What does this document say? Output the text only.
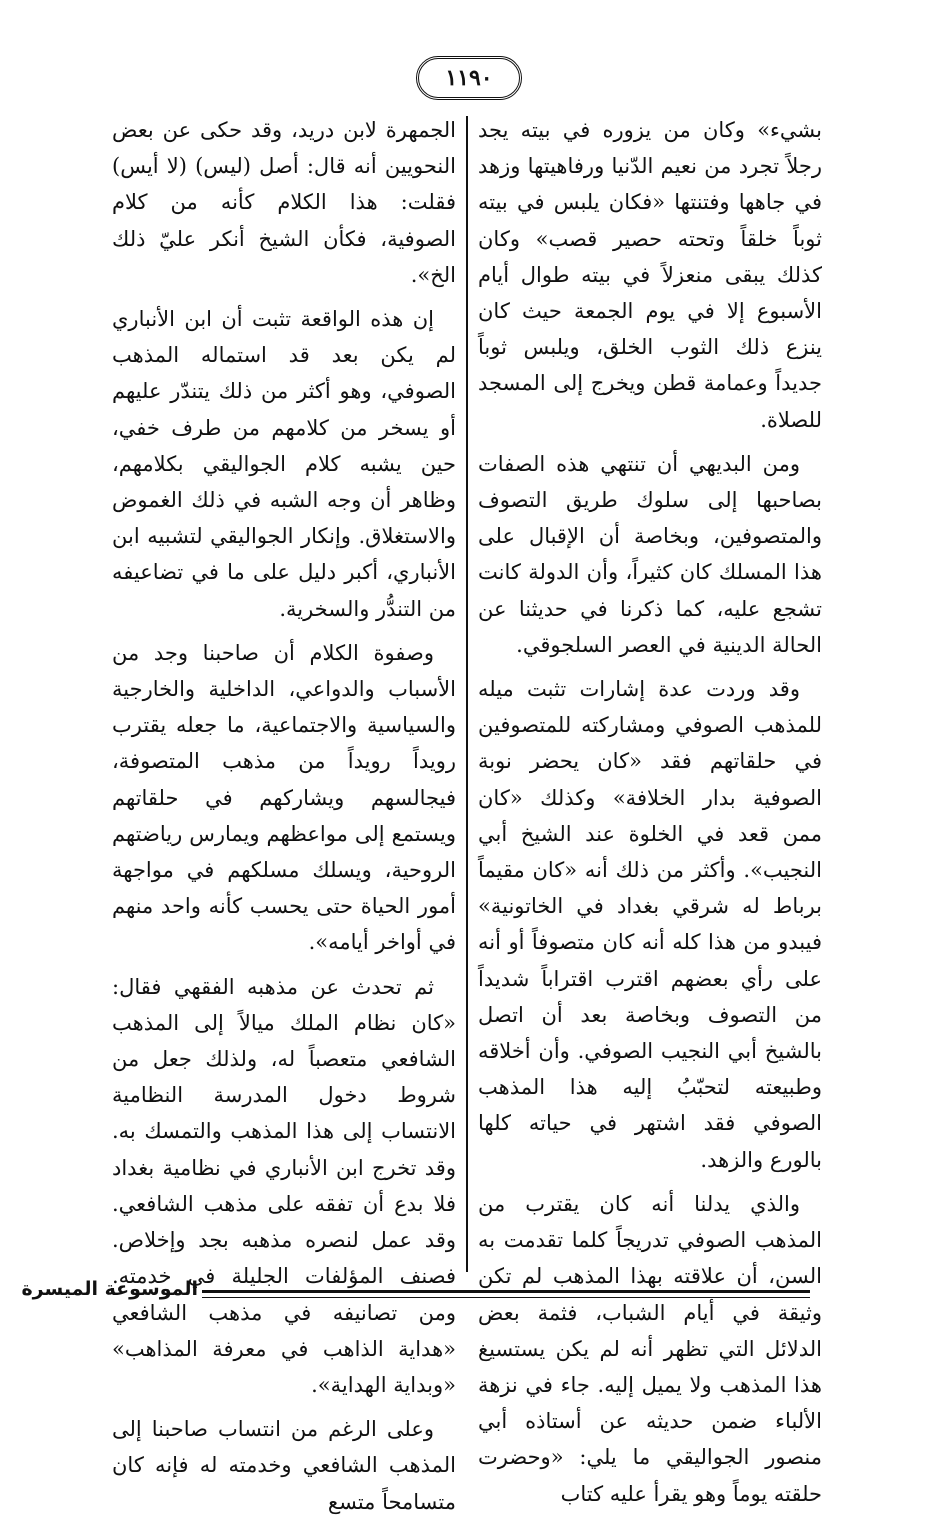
١١٩٠

بشيء» وكان من يزوره في بيته يجد رجلاً تجرد من نعيم الدّنيا ورفاهيتها وزهد في جاهها وفتنتها «فكان يلبس في بيته ثوباً خلقاً وتحته حصير قصب» وكان كذلك يبقى منعزلاً في بيته طوال أيام الأسبوع إلا في يوم الجمعة حيث كان ينزع ذلك الثوب الخلق، ويلبس ثوباً جديداً وعمامة قطن ويخرج إلى المسجد للصلاة.

ومن البديهي أن تنتهي هذه الصفات بصاحبها إلى سلوك طريق التصوف والمتصوفين، وبخاصة أن الإقبال على هذا المسلك كان كثيراً، وأن الدولة كانت تشجع عليه، كما ذكرنا في حديثنا عن الحالة الدينية في العصر السلجوقي.

وقد وردت عدة إشارات تثبت ميله للمذهب الصوفي ومشاركته للمتصوفين في حلقاتهم فقد «كان يحضر نوبة الصوفية بدار الخلافة» وكذلك «كان ممن قعد في الخلوة عند الشيخ أبي النجيب». وأكثر من ذلك أنه «كان مقيماً برباط له شرقي بغداد في الخاتونية» فيبدو من هذا كله أنه كان متصوفاً أو أنه على رأي بعضهم اقترب اقتراباً شديداً من التصوف وبخاصة بعد أن اتصل بالشيخ أبي النجيب الصوفي. وأن أخلاقه وطبيعته لتحبّبُ إليه هذا المذهب الصوفي فقد اشتهر في حياته كلها بالورع والزهد.

والذي يدلنا أنه كان يقترب من المذهب الصوفي تدريجاً كلما تقدمت به السن، أن علاقته بهذا المذهب لم تكن وثيقة في أيام الشباب، فثمة بعض الدلائل التي تظهر أنه لم يكن يستسيغ هذا المذهب ولا يميل إليه. جاء في نزهة الألباء ضمن حديثه عن أستاذه أبي منصور الجواليقي ما يلي: «وحضرت حلقته يوماً وهو يقرأ عليه كتاب

الجمهرة لابن دريد، وقد حكى عن بعض النحويين أنه قال: أصل (ليس) (لا أيس) فقلت: هذا الكلام كأنه من كلام الصوفية، فكأن الشيخ أنكر عليّ ذلك الخ».

إن هذه الواقعة تثبت أن ابن الأنباري لم يكن بعد قد استماله المذهب الصوفي، وهو أكثر من ذلك يتندّر عليهم أو يسخر من كلامهم من طرف خفي، حين يشبه كلام الجواليقي بكلامهم، وظاهر أن وجه الشبه في ذلك الغموض والاستغلاق. وإنكار الجواليقي لتشبيه ابن الأنباري، أكبر دليل على ما في تضاعيفه من التندُّر والسخرية.

وصفوة الكلام أن صاحبنا وجد من الأسباب والدواعي، الداخلية والخارجية والسياسية والاجتماعية، ما جعله يقترب رويداً رويداً من مذهب المتصوفة، فيجالسهم ويشاركهم في حلقاتهم ويستمع إلى مواعظهم ويمارس رياضتهم الروحية، ويسلك مسلكهم في مواجهة أمور الحياة حتى يحسب كأنه واحد منهم في أواخر أيامه».

ثم تحدث عن مذهبه الفقهي فقال: «كان نظام الملك ميالاً إلى المذهب الشافعي متعصباً له، ولذلك جعل من شروط دخول المدرسة النظامية الانتساب إلى هذا المذهب والتمسك به. وقد تخرج ابن الأنباري في نظامية بغداد فلا بدع أن تفقه على مذهب الشافعي. وقد عمل لنصره مذهبه بجد وإخلاص. فصنف المؤلفات الجليلة في خدمته. ومن تصانيفه في مذهب الشافعي «هداية الذاهب في معرفة المذاهب» «وبداية الهداية».

وعلى الرغم من انتساب صاحبنا إلى المذهب الشافعي وخدمته له فإنه كان متسامحاً متسع

الموسوعة الميسرة
